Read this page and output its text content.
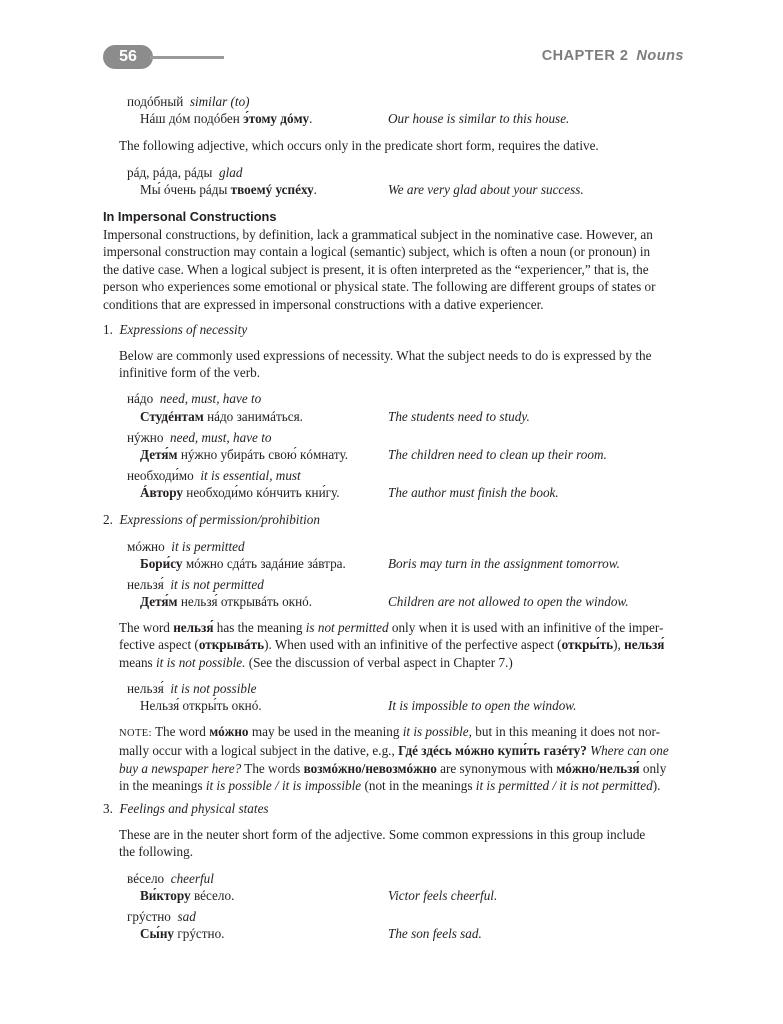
56	CHAPTER 2 Nouns
подóбный similar (to)
Нáш дóм подóбен э́тому дóму.	Our house is similar to this house.
The following adjective, which occurs only in the predicate short form, requires the dative.
рáд, рáда, рáды glad
Мы́ óчень рáды твоемý успéху.	We are very glad about your success.
In Impersonal Constructions
Impersonal constructions, by definition, lack a grammatical subject in the nominative case. However, an
impersonal construction may contain a logical (semantic) subject, which is often a noun (or pronoun) in
the dative case. When a logical subject is present, it is often interpreted as the “experiencer,” that is, the
person who experiences some emotional or physical state. The following are different groups of states or
conditions that are expressed in impersonal constructions with a dative experiencer.
1. Expressions of necessity
Below are commonly used expressions of necessity. What the subject needs to do is expressed by the
infinitive form of the verb.
нáдо need, must, have to
Студéнтам нáдо занимáться.	The students need to study.
нýжно need, must, have to
Детя́м нýжно убирáть свою́ кóмнату.	The children need to clean up their room.
необходи́мо it is essential, must
Áвтору необходи́мо кóнчить кни́гу.	The author must finish the book.
2. Expressions of permission/prohibition
мóжно it is permitted
Бори́су мóжно сдáть задáние зáвтра.	Boris may turn in the assignment tomorrow.
нельзя́ it is not permitted
Детя́м нельзя́ открывáть окнó.	Children are not allowed to open the window.
The word нельзя́ has the meaning is not permitted only when it is used with an infinitive of the imper-
fective aspect (открывáть). When used with an infinitive of the perfective aspect (откры́ть), нельзя́
means it is not possible. (See the discussion of verbal aspect in Chapter 7.)
нельзя́ it is not possible
Нельзя́ откры́ть окнó.	It is impossible to open the window.
NOTE: The word мóжно may be used in the meaning it is possible, but in this meaning it does not nor-
mally occur with a logical subject in the dative, e.g., Гдé здéсь мóжно купи́ть газéту? Where can one
buy a newspaper here? The words возмóжно/невозмóжно are synonymous with мóжно/нельзя́ only
in the meanings it is possible / it is impossible (not in the meanings it is permitted / it is not permitted).
3. Feelings and physical states
These are in the neuter short form of the adjective. Some common expressions in this group include
the following.
вéсело cheerful
Ви́ктору вéсело.	Victor feels cheerful.
грýстно sad
Сы́ну грýстно.	The son feels sad.
